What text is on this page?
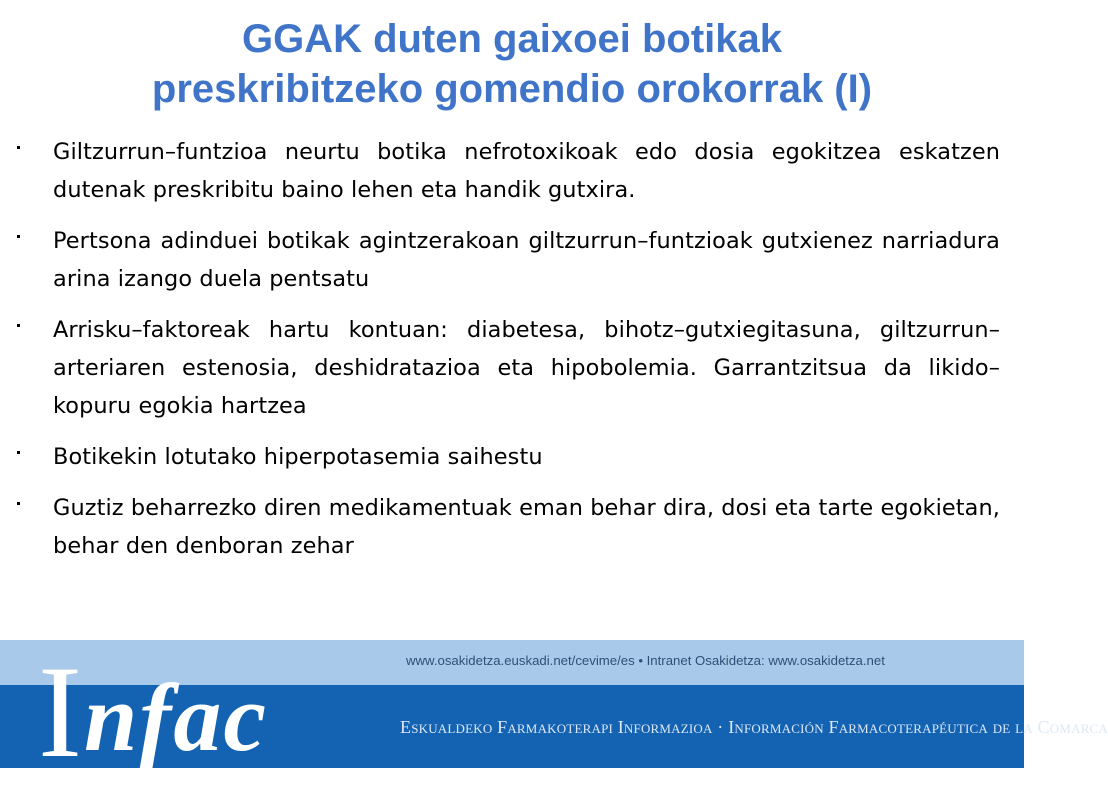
GGAK duten gaixoei botikak
preskribitzeko gomendio orokorrak (I)
Giltzurrun–funtzioa neurtu botika nefrotoxikoak edo dosia egokitzea eskatzen dutenak preskribitu baino lehen eta handik gutxira.
Pertsona adinduei botikak agintzerakoan giltzurrun–funtzioak gutxienez narriadura arina izango duela pentsatu
Arrisku–faktoreak hartu kontuan: diabetesa, bihotz–gutxiegitasuna, giltzurrun–arteriaren estenosia, deshidratazioa eta hipobolemia. Garrantzitsua da likido–kopuru egokia hartzea
Botikekin lotutako hiperpotasemia saihestu
Guztiz beharrezko diren medikamentuak eman behar dira, dosi eta tarte egokietan, behar den denboran zehar
www.osakidetza.euskadi.net/cevime/es • Intranet Osakidetza: www.osakidetza.net
Infac	Eskualdeko Farmakoterapi Informazioa · Información Farmacoterapéutica de la Comarca
